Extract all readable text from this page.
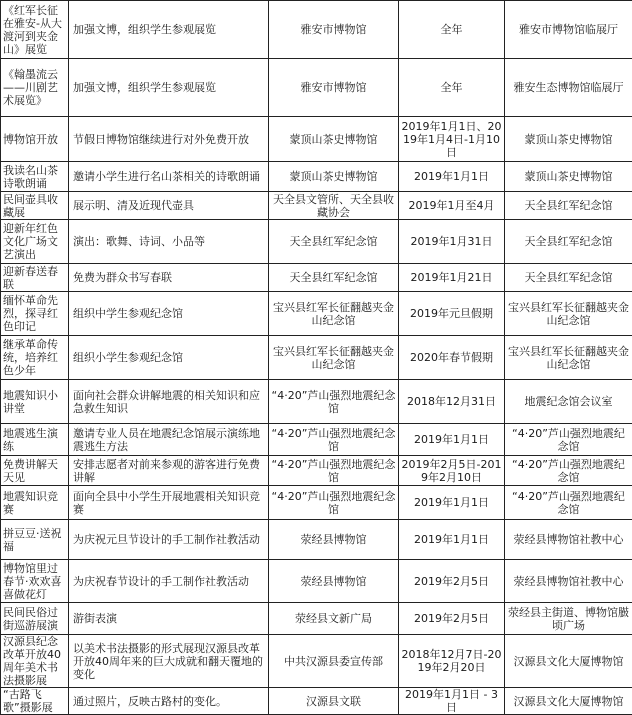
《红军长征在雅安-从大渡河到夹金山》展览	加强文博，组织学生参观展览	雅安市博物馆	全年	雅安市博物馆临展厅
《翰墨流云——川剧艺术展览》	加强文博，组织学生参观展览	雅安市博物馆	全年	雅安生态博物馆临展厅
博物馆开放	节假日博物馆继续进行对外免费开放	蒙顶山茶史博物馆	2019年1月1日、2019年1月4日-1月10日	蒙顶山茶史博物馆
我读名山茶诗歌朗诵	邀请小学生进行名山茶相关的诗歌朗诵	蒙顶山茶史博物馆	2019年1月1日	蒙顶山茶史博物馆
民间壶具收藏展	展示明、清及近现代壶具	天全县文管所、天全县收藏协会	2019年1月至4月	天全县红军纪念馆
迎新年红色文化广场文艺演出	演出：歌舞、诗词、小品等	天全县红军纪念馆	2019年1月31日	天全县红军纪念馆
迎新春送春联	免费为群众书写春联	天全县红军纪念馆	2019年1月21日	天全县红军纪念馆
缅怀革命先烈，探寻红色印记	组织中学生参观纪念馆	宝兴县红军长征翻越夹金山纪念馆	2019年元旦假期	宝兴县红军长征翻越夹金山纪念馆
继承革命传统，培养红色少年	组织小学生参观纪念馆	宝兴县红军长征翻越夹金山纪念馆	2020年春节假期	宝兴县红军长征翻越夹金山纪念馆
地震知识小讲堂	面向社会群众讲解地震的相关知识和应急救生知识	“4·20”芦山强烈地震纪念馆	2018年12月31日	地震纪念馆会议室
地震逃生演练	邀请专业人员在地震纪念馆展示演练地震逃生方法	“4·20”芦山强烈地震纪念馆	2019年1月1日	“4·20”芦山强烈地震纪念馆
免费讲解天天见	安排志愿者对前来参观的游客进行免费讲解	“4·20”芦山强烈地震纪念馆	2019年2月5日-2019年2月10日	“4·20”芦山强烈地震纪念馆
地震知识竞赛	面向全县中小学生开展地震相关知识竞赛	“4·20”芦山强烈地震纪念馆	2019年1月1日	“4·20”芦山强烈地震纪念馆
拼豆豆·送祝福	为庆祝元旦节设计的手工制作社教活动	荥经县博物馆	2019年1月1日	荥经县博物馆社教中心
博物馆里过春节·欢欢喜喜做花灯	为庆祝春节设计的手工制作社教活动	荥经县博物馆	2019年2月5日	荥经县博物馆社教中心
民间民俗过街巡游展演	游街表演	荥经县文新广局	2019年2月5日	荥经县主街道、博物馆臌顷广场
汉源县纪念改革开放40周年美术书法摄影展	以美术书法摄影的形式展现汉源县改革开放40周年来的巨大成就和翻天覆地的变化	中共汉源县委宣传部	2018年12月7日-2019年2月20日	汉源县文化大厦博物馆
“古路飞歌”摄影展	通过照片，反映古路村的变化。	汉源县文联	2019年1月1日 - 3日	汉源县文化大厦博物馆
